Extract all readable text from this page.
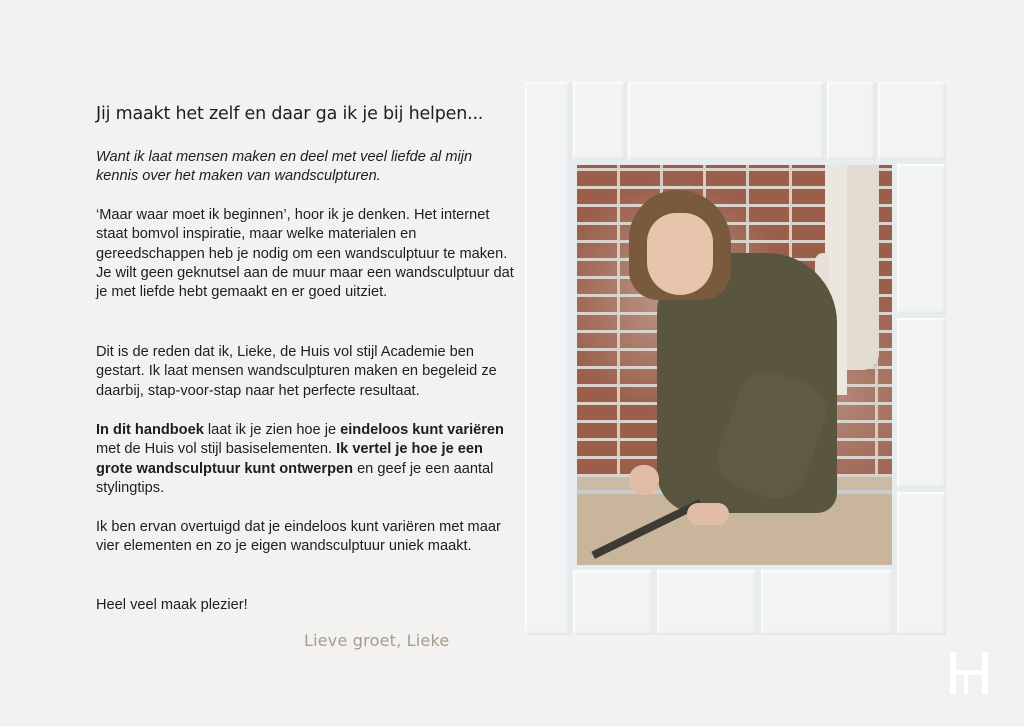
Jij maakt het zelf en daar ga ik je bij helpen...

Want ik laat mensen maken en deel met veel liefde al mijn kennis over het maken van wandsculpturen.

‘Maar waar moet ik beginnen’, hoor ik je denken. Het internet staat bomvol inspiratie, maar welke materialen en gereedschappen heb je nodig om een wandsculptuur te maken. Je wilt geen geknutsel aan de muur maar een wandsculptuur dat je met liefde hebt gemaakt en er goed uitziet.

Dit is de reden dat ik, Lieke, de Huis vol stijl Academie ben gestart. Ik laat mensen wandsculpturen maken en begeleid ze daarbij, stap-voor-stap naar het perfecte resultaat.

In dit handboek laat ik je zien hoe je eindeloos kunt variëren met de Huis vol stijl basiselementen. Ik vertel je hoe je een grote wandsculptuur kunt ontwerpen en geef je een aantal stylingtips.

Ik ben ervan overtuigd dat je eindeloos kunt variëren met maar vier elementen en zo je eigen wandsculptuur uniek maakt.

Heel veel maak plezier!

Lieve groet, Lieke
